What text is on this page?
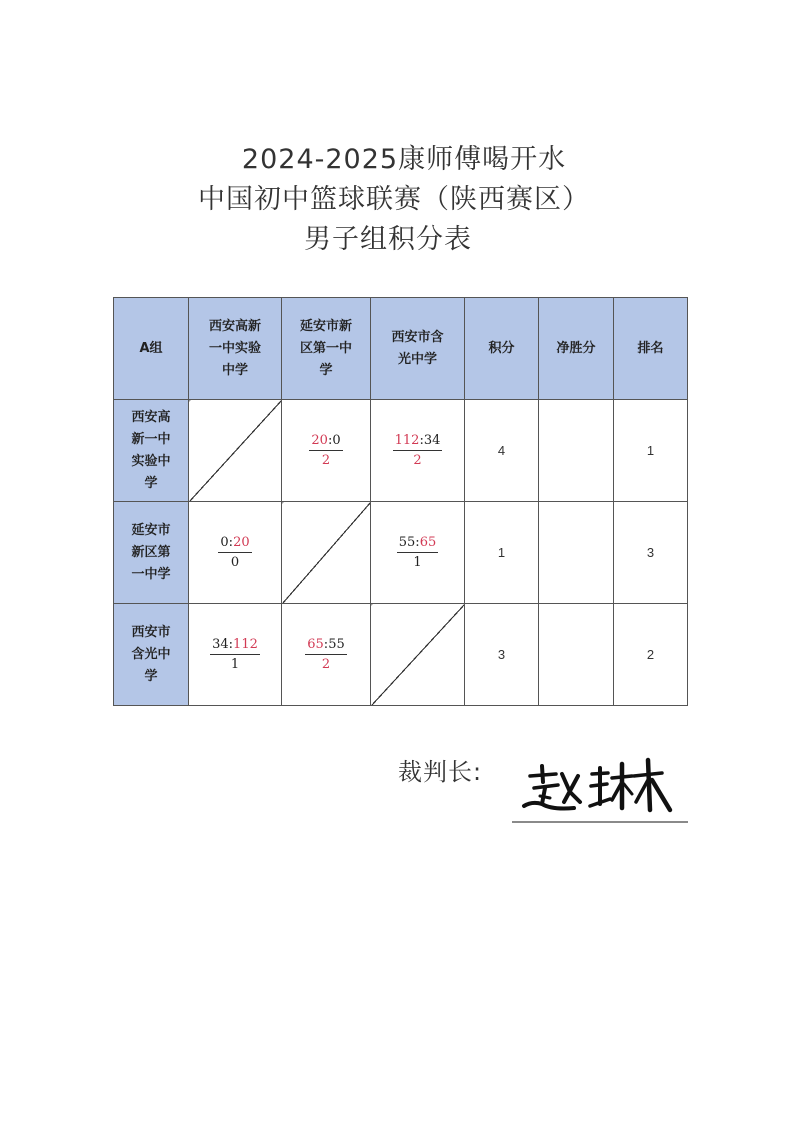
2024-2025康师傅喝开水
中国初中篮球联赛（陕西赛区）
男子组积分表
A组	西安高新
一中实验
中学	延安市新
区第一中
学	西安市含
光中学	积分	净胜分	排名
西安高
新一中
实验中
学		$\frac{20:0}{2}$	$\frac{112:34}{2}$	4		1
延安市
新区第
一中学	$\frac{0:20}{0}$		$\frac{55:65}{1}$	1		3
西安市
含光中
学	$\frac{34:112}{1}$	$\frac{65:55}{2}$		3		2
裁判长:
